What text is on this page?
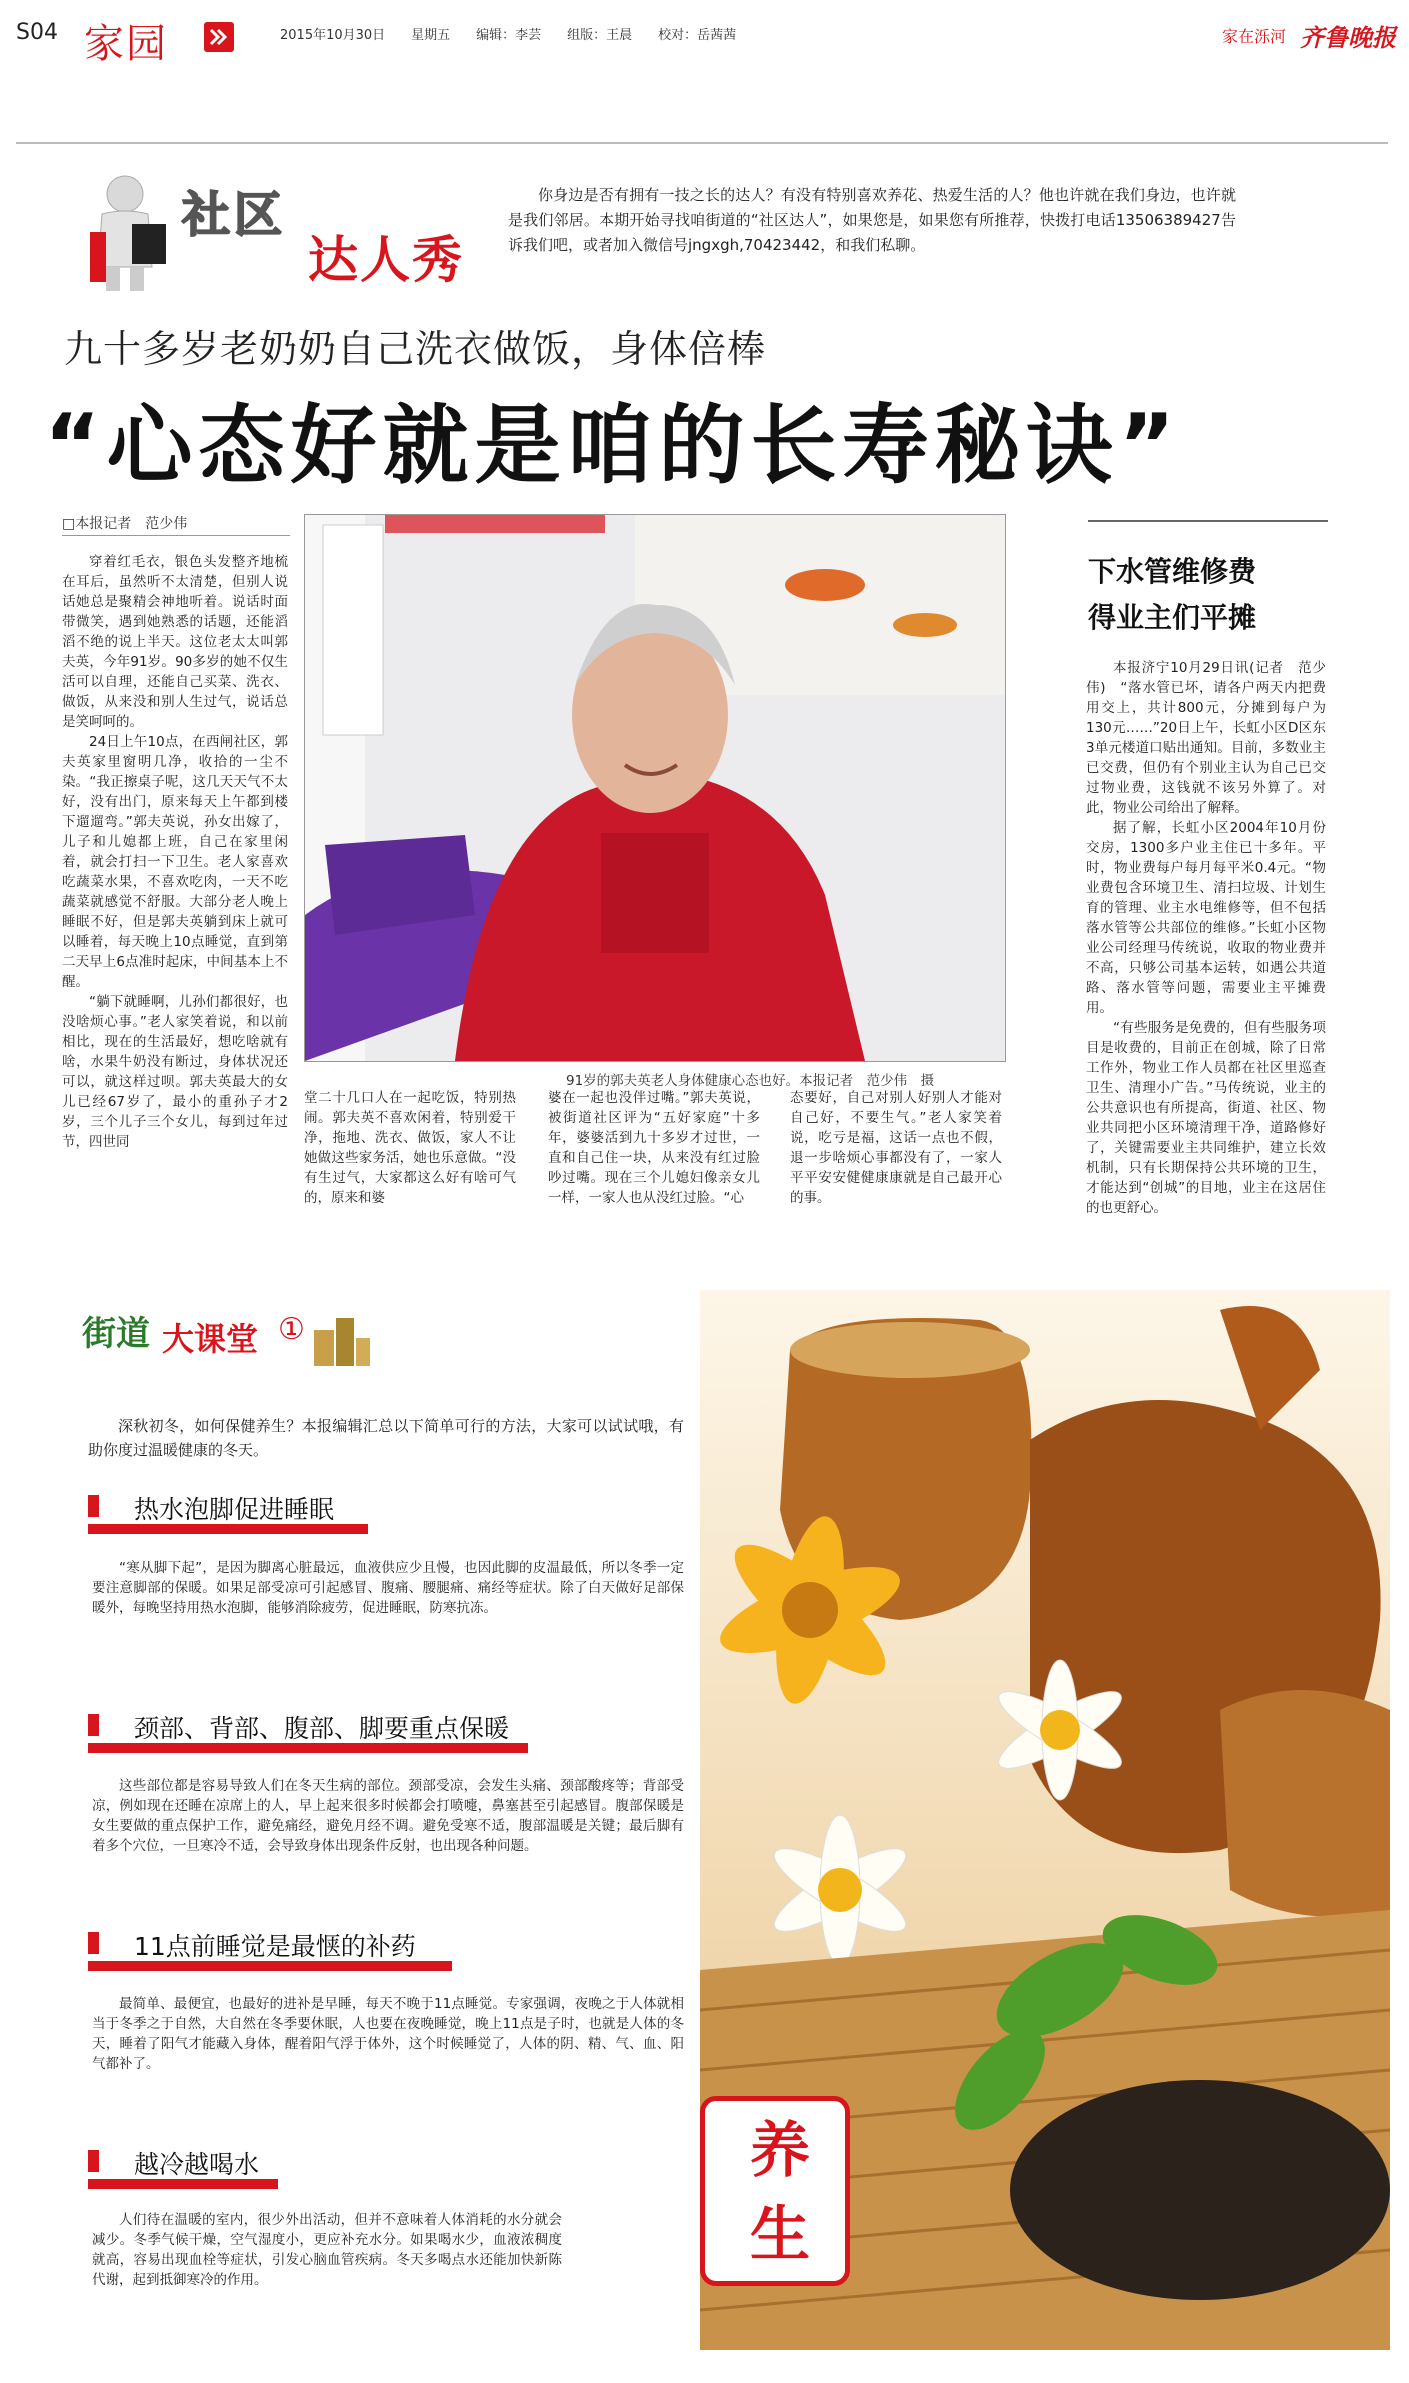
S04 家园	2015年10月30日　　星期五　　编辑：李芸　　组版：王晨　　校对：岳茜茜	家在泺河 齐鲁晚报
社区
达人秀
你身边是否有拥有一技之长的达人？有没有特别喜欢养花、热爱生活的人？他也许就在我们身边，也许就是我们邻居。本期开始寻找咱街道的“社区达人”，如果您是，如果您有所推荐，快拨打电话13506389427告诉我们吧，或者加入微信号jngxgh,70423442，和我们私聊。
九十多岁老奶奶自己洗衣做饭，身体倍棒
“心态好就是咱的长寿秘诀”
□本报记者　范少伟
91岁的郭夫英老人身体健康心态也好。本报记者　范少伟　摄

穿着红毛衣，银色头发整齐地梳在耳后，虽然听不太清楚，但别人说话她总是聚精会神地听着。说话时面带微笑，遇到她熟悉的话题，还能滔滔不绝的说上半天。这位老太太叫郭夫英，今年91岁。90多岁的她不仅生活可以自理，还能自己买菜、洗衣、做饭，从来没和别人生过气，说话总是笑呵呵的。

24日上午10点，在西闸社区，郭夫英家里窗明几净，收拾的一尘不染。“我正擦桌子呢，这几天天气不太好，没有出门，原来每天上午都到楼下遛遛弯。”郭夫英说，孙女出嫁了，儿子和儿媳都上班，自己在家里闲着，就会打扫一下卫生。老人家喜欢吃蔬菜水果，不喜欢吃肉，一天不吃蔬菜就感觉不舒服。大部分老人晚上睡眠不好，但是郭夫英躺到床上就可以睡着，每天晚上10点睡觉，直到第二天早上6点准时起床，中间基本上不醒。

“躺下就睡啊，儿孙们都很好，也没啥烦心事。”老人家笑着说，和以前相比，现在的生活最好，想吃啥就有啥，水果牛奶没有断过，身体状况还可以，就这样过呗。郭夫英最大的女儿已经67岁了，最小的重孙子才2岁，三个儿子三个女儿，每到过年过节，四世同

堂二十几口人在一起吃饭，特别热闹。郭夫英不喜欢闲着，特别爱干净，拖地、洗衣、做饭，家人不让她做这些家务活，她也乐意做。“没有生过气，大家都这么好有啥可气的，原来和婆
婆在一起也没伴过嘴。”郭夫英说，被街道社区评为“五好家庭”十多年，婆婆活到九十多岁才过世，一直和自己住一块，从来没有红过脸吵过嘴。现在三个儿媳妇像亲女儿一样，一家人也从没红过脸。“心
态要好，自己对别人好别人才能对自己好，不要生气。”老人家笑着说，吃亏是福，这话一点也不假，退一步啥烦心事都没有了，一家人平平安安健健康康就是自己最开心的事。
下水管维修费
得业主们平摊

本报济宁10月29日讯(记者　范少伟)　“落水管已坏，请各户两天内把费用交上，共计800元，分摊到每户为130元……”20日上午，长虹小区D区东3单元楼道口贴出通知。目前，多数业主已交费，但仍有个别业主认为自己已交过物业费，这钱就不该另外算了。对此，物业公司给出了解释。

据了解，长虹小区2004年10月份交房，1300多户业主住已十多年。平时，物业费每户每月每平米0.4元。“物业费包含环境卫生、清扫垃圾、计划生育的管理、业主水电维修等，但不包括落水管等公共部位的维修。”长虹小区物业公司经理马传统说，收取的物业费并不高，只够公司基本运转，如遇公共道路、落水管等问题，需要业主平摊费用。

“有些服务是免费的，但有些服务项目是收费的，目前正在创城，除了日常工作外，物业工作人员都在社区里巡查卫生、清理小广告。”马传统说，业主的公共意识也有所提高，街道、社区、物业共同把小区环境清理干净，道路修好了，关键需要业主共同维护，建立长效机制，只有长期保持公共环境的卫生，才能达到“创城”的目地，业主在这居住的也更舒心。

街道 大课堂 ①
深秋初冬，如何保健养生？本报编辑汇总以下简单可行的方法，大家可以试试哦，有助你度过温暖健康的冬天。
热水泡脚促进睡眠
“寒从脚下起”，是因为脚离心脏最远，血液供应少且慢，也因此脚的皮温最低，所以冬季一定要注意脚部的保暖。如果足部受凉可引起感冒、腹痛、腰腿痛、痛经等症状。除了白天做好足部保暖外，每晚坚持用热水泡脚，能够消除疲劳，促进睡眠，防寒抗冻。
颈部、背部、腹部、脚要重点保暖
这些部位都是容易导致人们在冬天生病的部位。颈部受凉，会发生头痛、颈部酸疼等；背部受凉，例如现在还睡在凉席上的人，早上起来很多时候都会打喷嚏，鼻塞甚至引起感冒。腹部保暖是女生要做的重点保护工作，避免痛经，避免月经不调。避免受寒不适，腹部温暖是关键；最后脚有着多个穴位，一旦寒冷不适，会导致身体出现条件反射，也出现各种问题。
11点前睡觉是最惬的补药
最简单、最便宜，也最好的进补是早睡，每天不晚于11点睡觉。专家强调，夜晚之于人体就相当于冬季之于自然，大自然在冬季要休眠，人也要在夜晚睡觉，晚上11点是子时，也就是人体的冬天，睡着了阳气才能藏入身体，醒着阳气浮于体外，这个时候睡觉了，人体的阴、精、气、血、阳气都补了。
越冷越喝水
人们待在温暖的室内，很少外出活动，但并不意味着人体消耗的水分就会减少。冬季气候干燥，空气湿度小，更应补充水分。如果喝水少，血液浓稠度就高，容易出现血栓等症状，引发心脑血管疾病。冬天多喝点水还能加快新陈代谢，起到抵御寒冷的作用。
养生
